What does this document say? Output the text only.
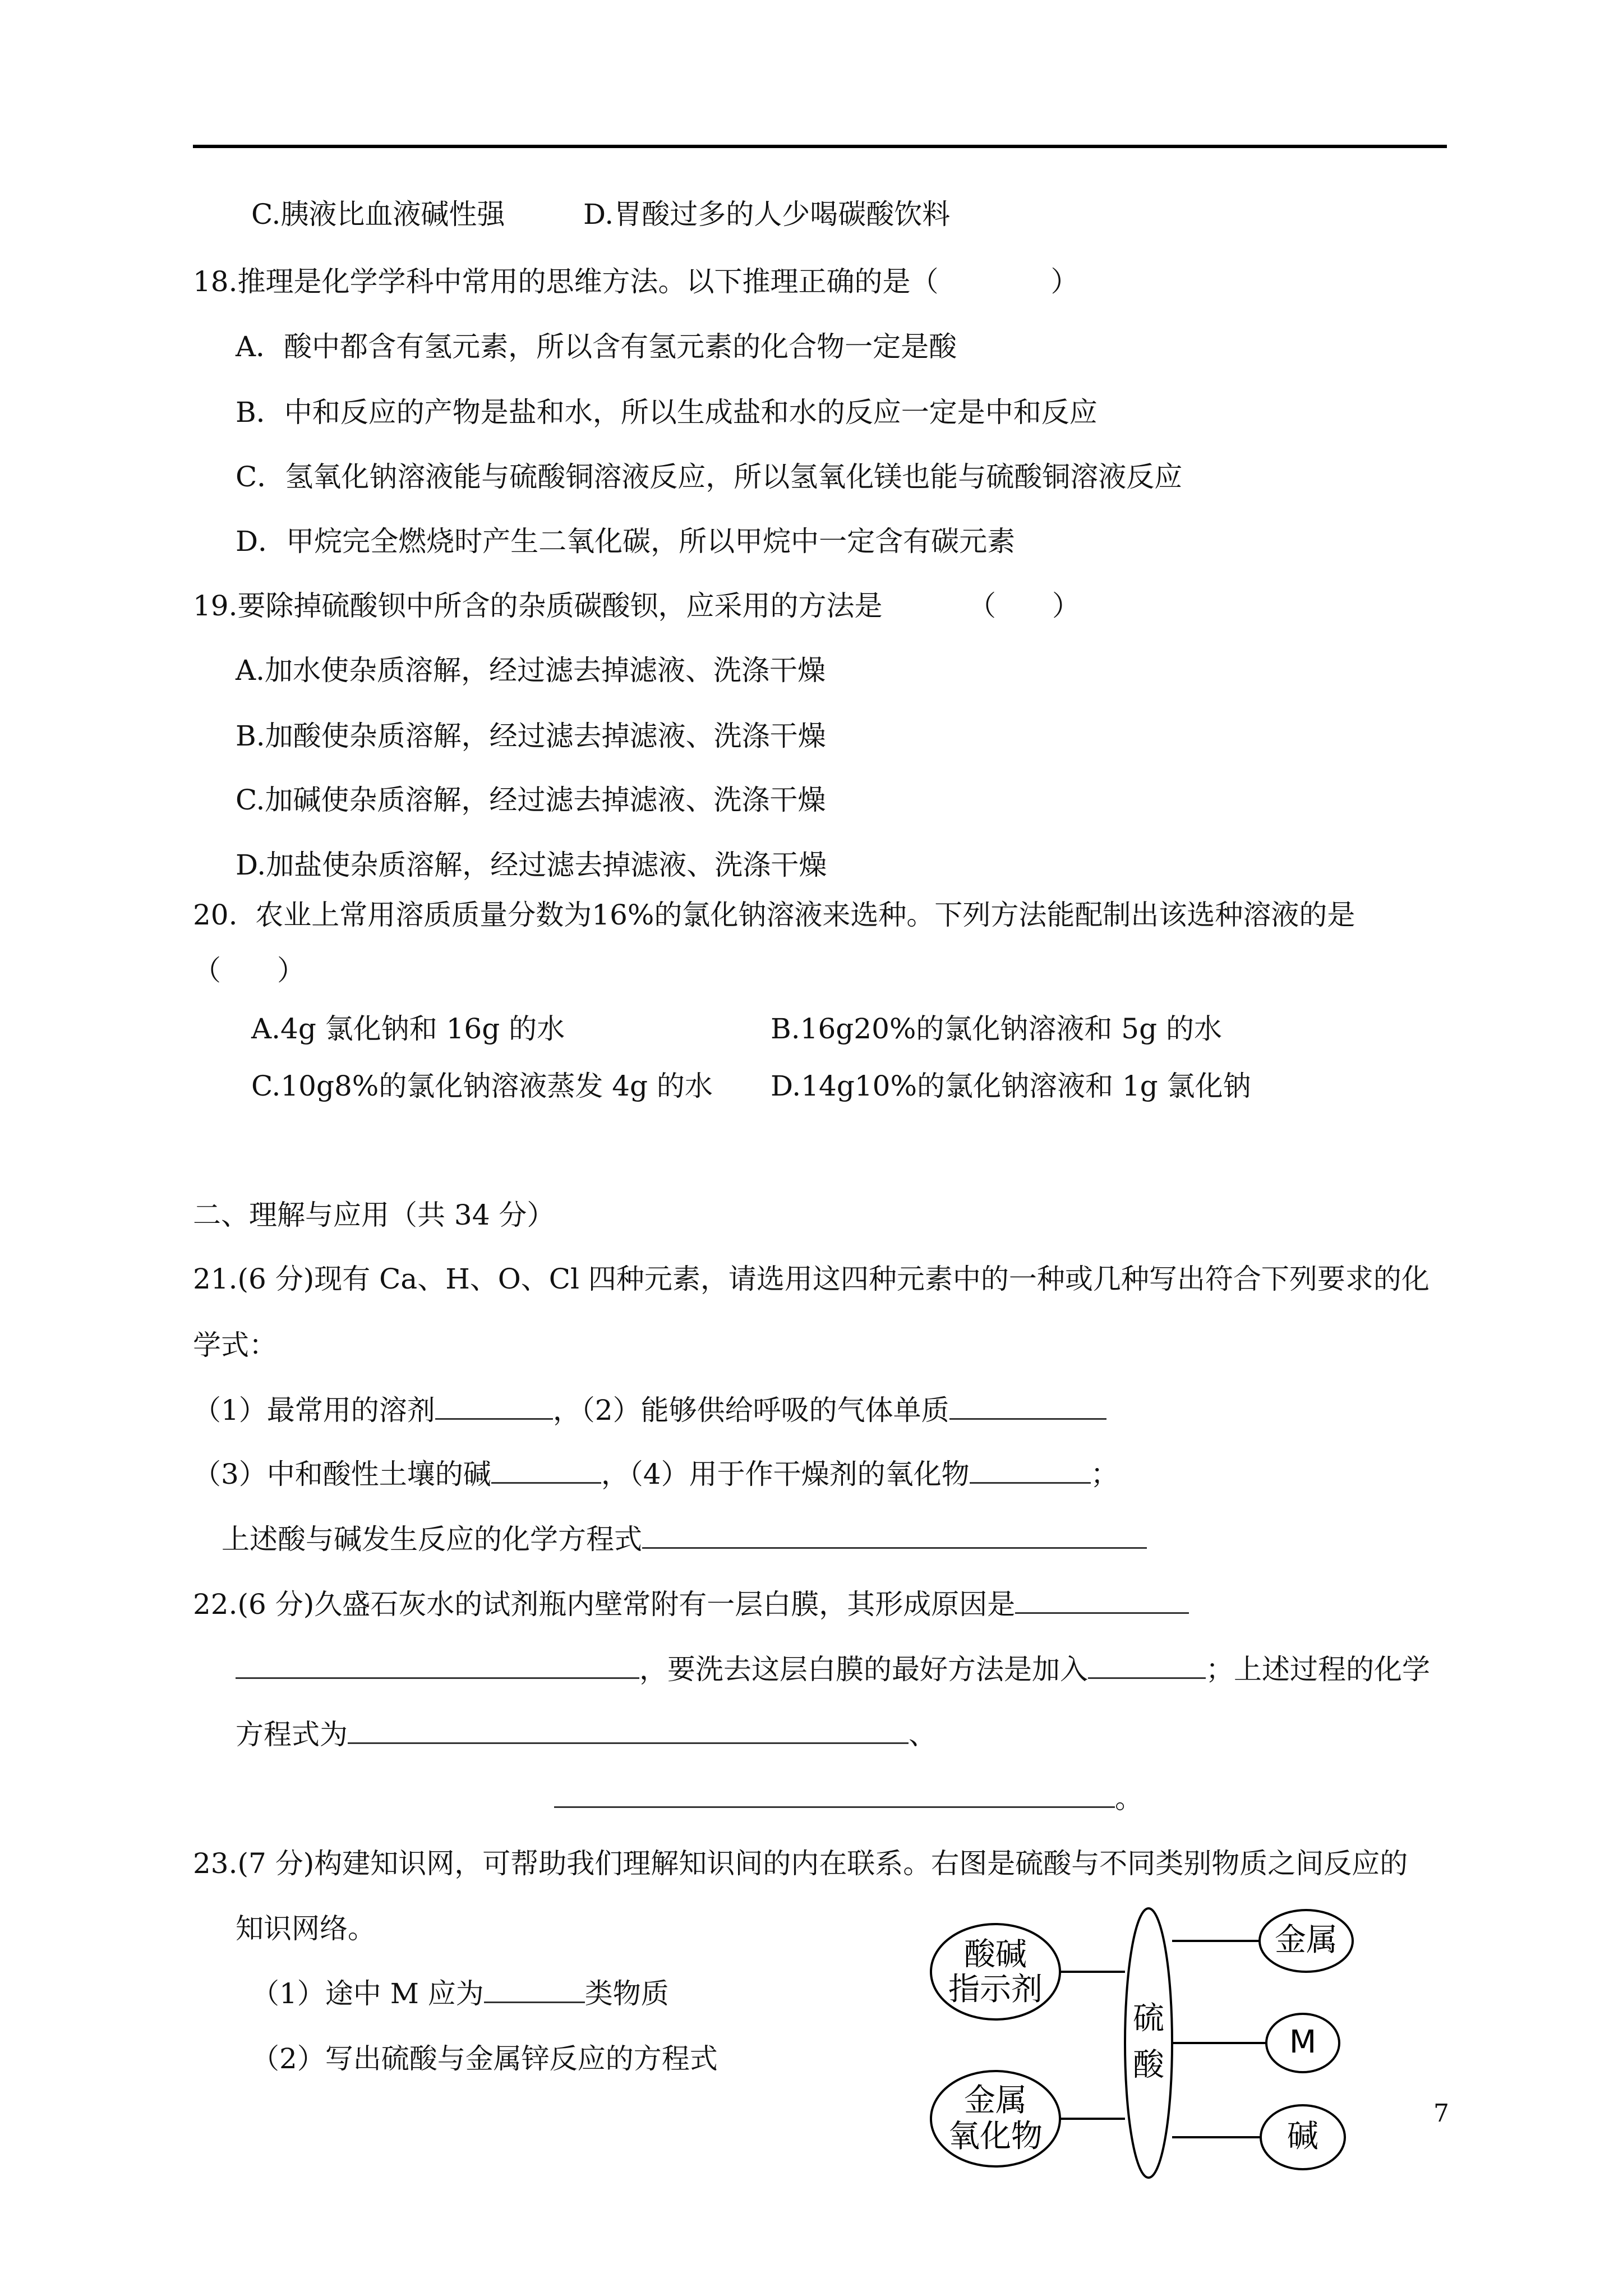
C.胰液比血液碱性强	D.胃酸过多的人少喝碳酸饮料
18.推理是化学学科中常用的思维方法。以下推理正确的是（　　　　）
A．酸中都含有氢元素，所以含有氢元素的化合物一定是酸
B．中和反应的产物是盐和水，所以生成盐和水的反应一定是中和反应
C．氢氧化钠溶液能与硫酸铜溶液反应，所以氢氧化镁也能与硫酸铜溶液反应
D．甲烷完全燃烧时产生二氧化碳，所以甲烷中一定含有碳元素
19.要除掉硫酸钡中所含的杂质碳酸钡，应采用的方法是	（　　）
A.加水使杂质溶解，经过滤去掉滤液、洗涤干燥
B.加酸使杂质溶解，经过滤去掉滤液、洗涤干燥
C.加碱使杂质溶解，经过滤去掉滤液、洗涤干燥
D.加盐使杂质溶解，经过滤去掉滤液、洗涤干燥
20.  农业上常用溶质质量分数为16%的氯化钠溶液来选种。下列方法能配制出该选种溶液的是
（　　）
A.4g 氯化钠和 16g 的水	B.16g20%的氯化钠溶液和 5g 的水
C.10g8%的氯化钠溶液蒸发 4g 的水 D.14g10%的氯化钠溶液和 1g 氯化钠
二、理解与应用（共 34 分）
21.(6 分)现有 Ca、H、O、Cl 四种元素，请选用这四种元素中的一种或几种写出符合下列要求的化
学式：
（1）最常用的溶剂	，（2）能够供给呼吸的气体单质
（3）中和酸性土壤的碱	，（4）用于作干燥剂的氧化物	；
上述酸与碱发生反应的化学方程式
22.(6 分)久盛石灰水的试剂瓶内壁常附有一层白膜，其形成原因是
，要洗去这层白膜的最好方法是加入	；上述过程的化学
方程式为	、
。
23.(7 分)构建知识网，可帮助我们理解知识间的内在联系。右图是硫酸与不同类别物质之间反应的
知识网络。
（1）途中 M 应为	类物质
（2）写出硫酸与金属锌反应的方程式
硫
酸
酸碱
指示剂
金属
氧化物
金属
M
碱
7
